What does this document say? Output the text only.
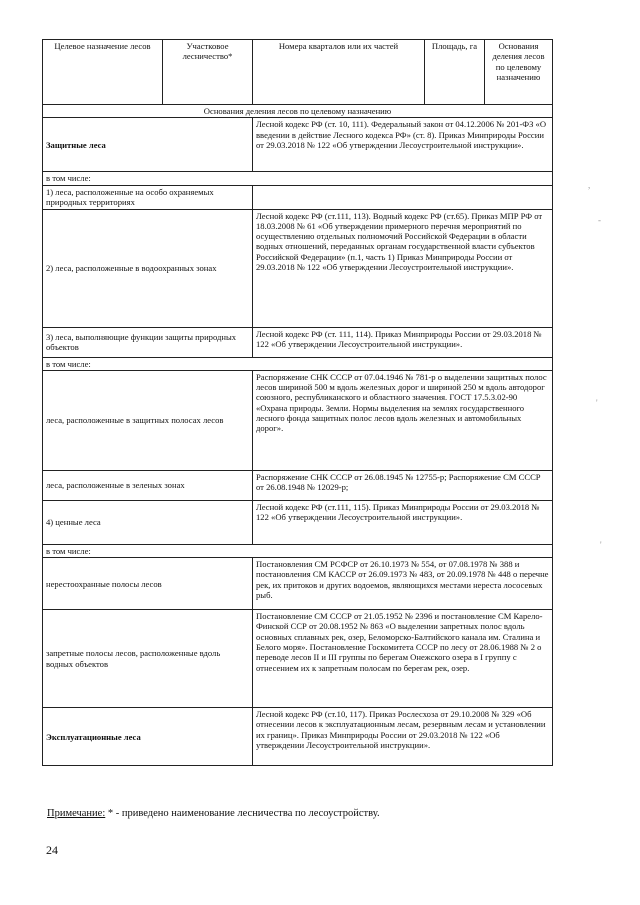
Целевое назначение лесов	Участковое лесничество*	Номера кварталов или их частей	Площадь, га	Основания деления лесов по целевому назначению
Основания деления лесов по целевому назначению				
Защитные леса		Лесной кодекс РФ (ст. 10, 111). Федеральный закон от 04.12.2006 № 201-ФЗ «О введении в действие Лесного кодекса РФ» (ст. 8). Приказ Минприроды России от 29.03.2018 № 122 «Об утверждении Лесоустроительной инструкции».		
в том числе:				
1) леса, расположенные на особо охраняемых природных территориях				
2) леса, расположенные в водоохранных зонах		Лесной кодекс РФ (ст.111, 113). Водный кодекс РФ (ст.65). Приказ МПР РФ от 18.03.2008 № 61 «Об утверждении примерного перечня мероприятий по осуществлению отдельных полномочий Российской Федерации в области водных отношений, переданных органам государственной власти субъектов Российской Федерации» (п.1, часть 1) Приказ Минприроды России от 29.03.2018 № 122 «Об утверждении Лесоустроительной инструкции».		
3) леса, выполняющие функции защиты природных объектов		Лесной кодекс РФ (ст. 111, 114). Приказ Минприроды России от 29.03.2018 № 122 «Об утверждении Лесоустроительной инструкции».		
в том числе:				
леса, расположенные в защитных полосах лесов		Распоряжение СНК СССР от 07.04.1946 № 781-р о выделении защитных полос лесов шириной 500 м вдоль железных дорог и шириной 250 м вдоль автодорог союзного, республиканского и областного значения. ГОСТ 17.5.3.02-90 «Охрана природы. Земли. Нормы выделения на землях государственного лесного фонда защитных полос лесов вдоль железных и автомобильных дорог».		
леса, расположенные в зеленых зонах		Распоряжение СНК СССР от 26.08.1945 № 12755-р; Распоряжение СМ СССР от 26.08.1948 № 12029-р;		
4) ценные леса		Лесной кодекс РФ (ст.111, 115). Приказ Минприроды России от 29.03.2018 № 122 «Об утверждении Лесоустроительной инструкции».		
в том числе:				
нерестоохранные полосы лесов		Постановления СМ РСФСР от 26.10.1973 № 554, от 07.08.1978 № 388 и постановления СМ КАССР от 26.09.1973 № 483, от 20.09.1978 № 448 о перечне рек, их притоков и других водоемов, являющихся местами нереста лососевых рыб.		
запретные полосы лесов, расположенные вдоль водных объектов		Постановление СМ СССР от 21.05.1952 № 2396 и постановление СМ Карело-Финской ССР от 20.08.1952 № 863 «О выделении запретных полос вдоль основных сплавных рек, озер, Беломорско-Балтийского канала им. Сталина и Белого моря». Постановление Госкомитета СССР по лесу от 28.06.1988 № 2 о переводе лесов II и III группы по берегам Онежского озера в I группу с отнесением их к запретным полосам по берегам рек, озер.		
Эксплуатационные леса		Лесной кодекс РФ (ст.10, 117). Приказ Рослесхоза от 29.10.2008 № 329 «Об отнесении лесов к эксплуатационным лесам, резервным лесам и установлении их границ». Приказ Минприроды России от 29.03.2018 № 122 «Об утверждении Лесоустроительной инструкции».		
Примечание: * - приведено наименование лесничества по лесоустройству.
24
,
-
'
'
